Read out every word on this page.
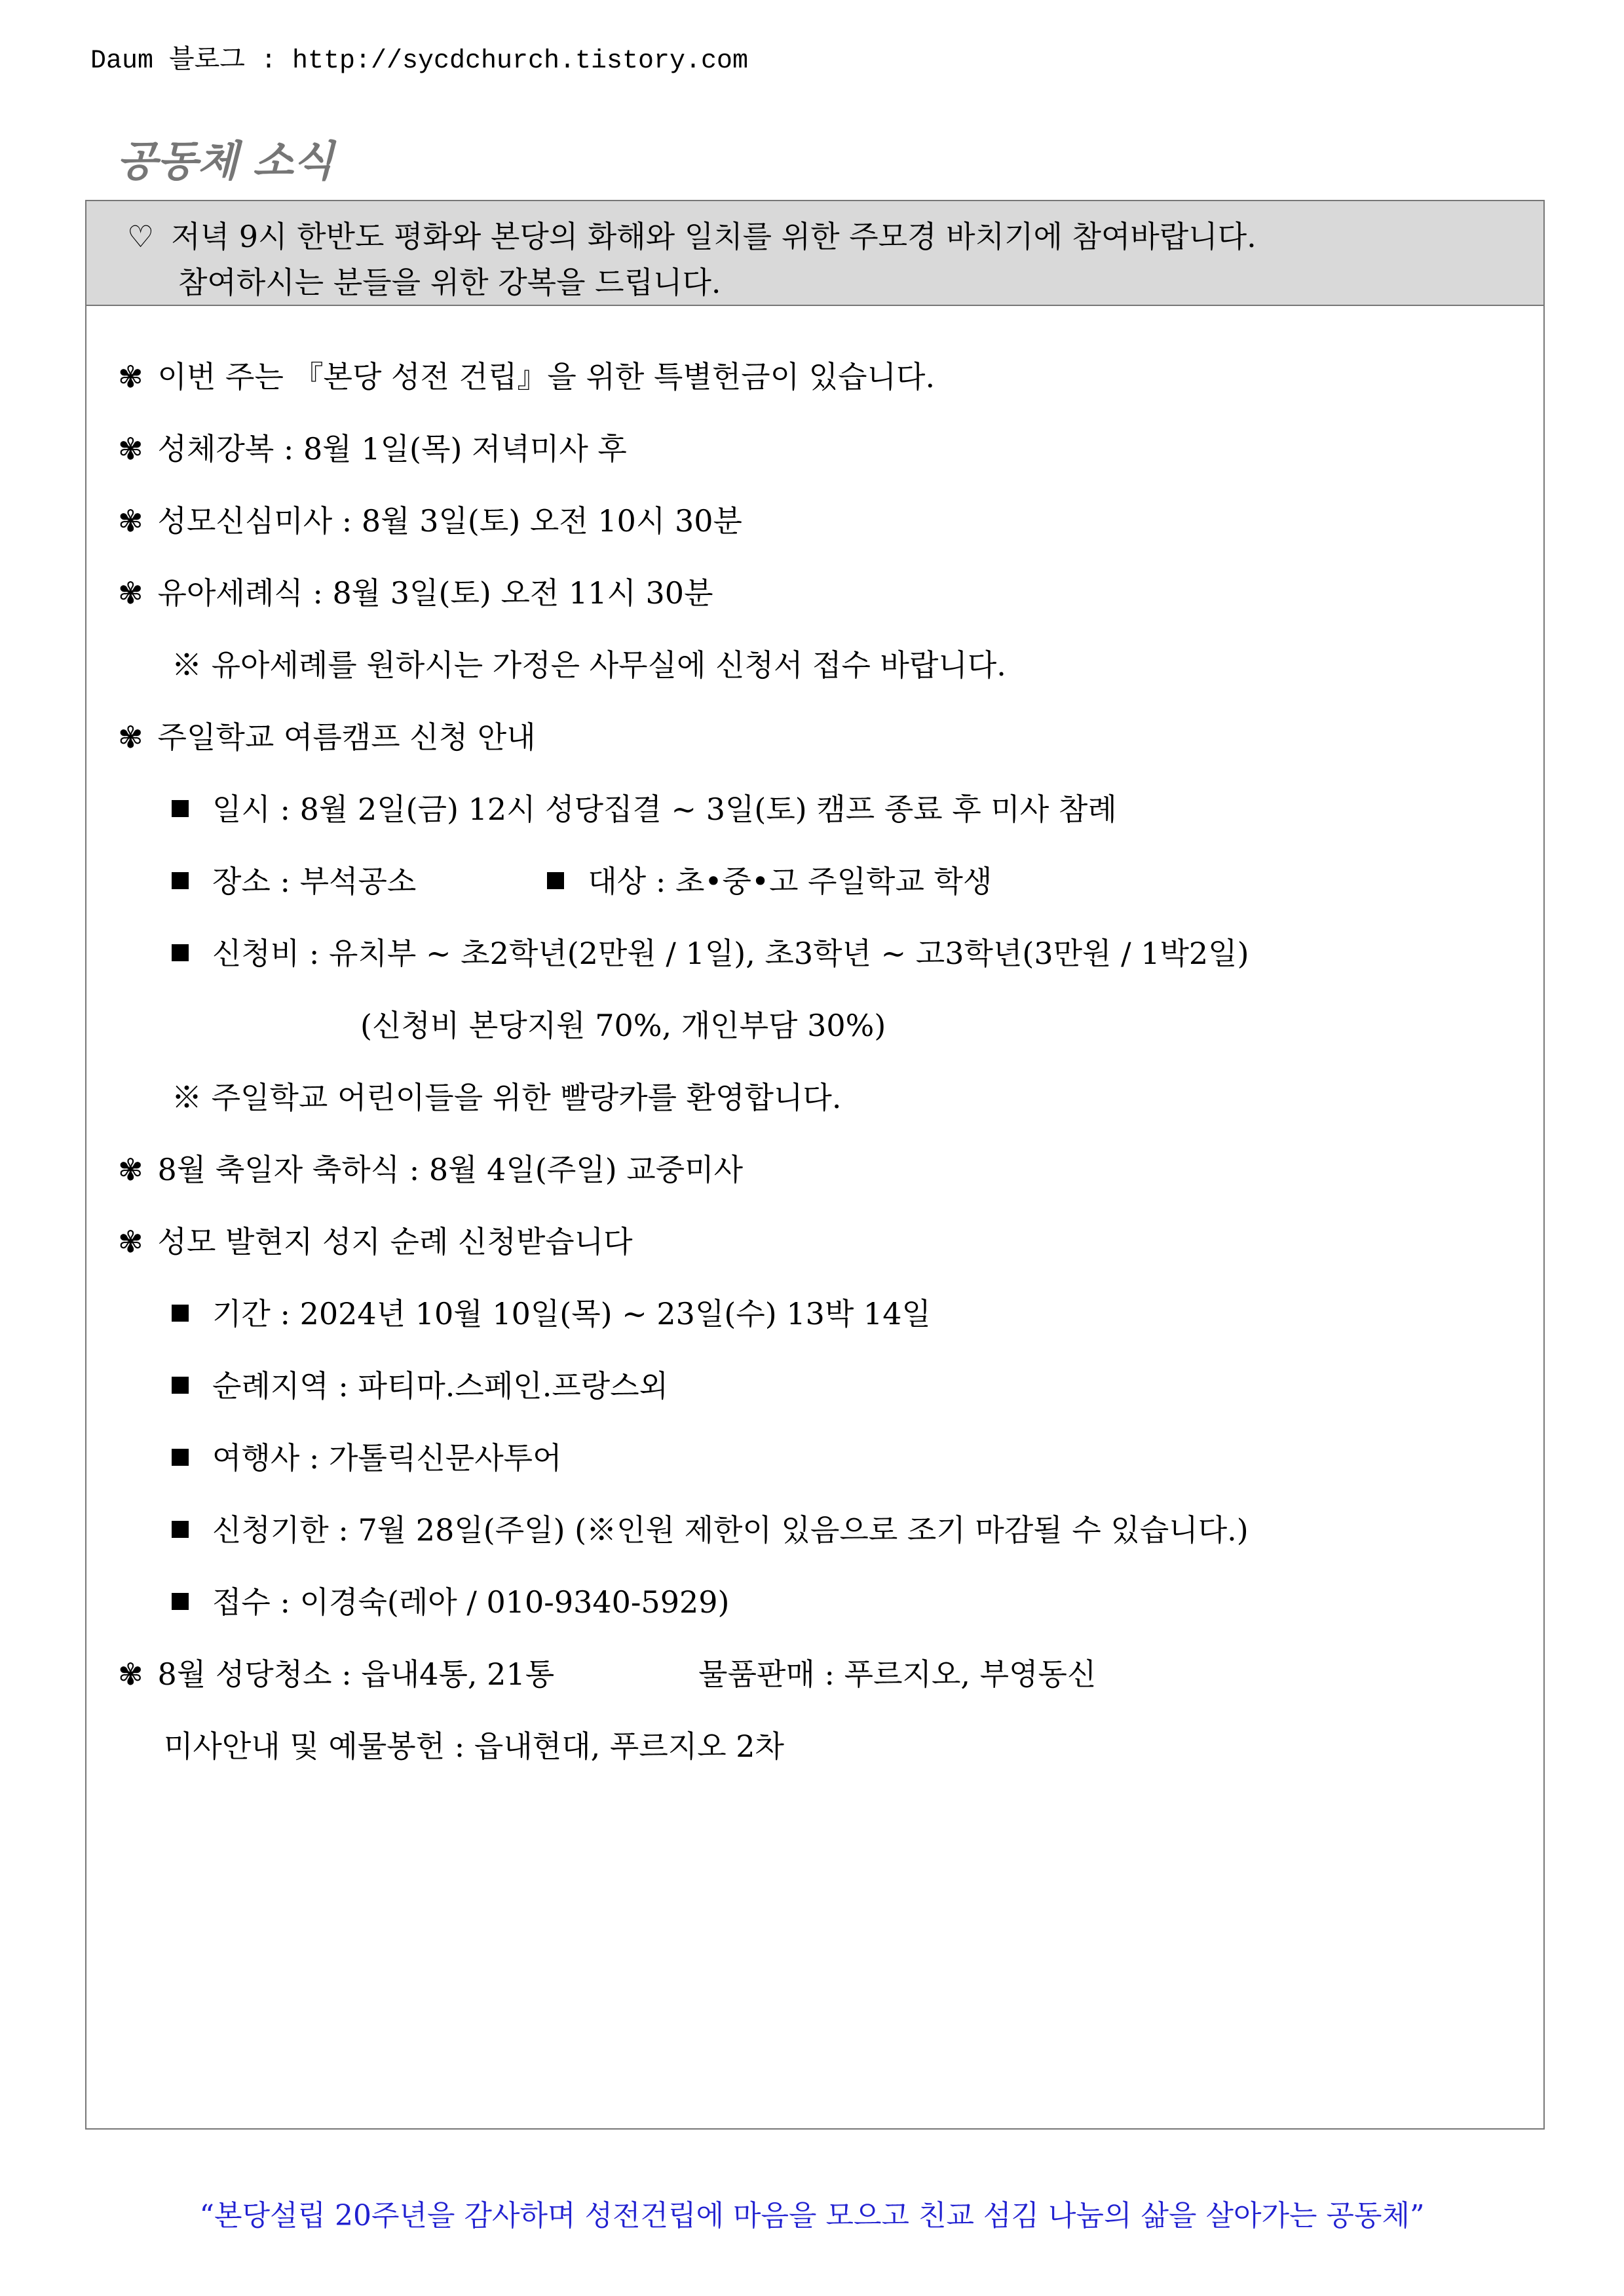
Daum 블로그 : http://sycdchurch.tistory.com
공동체 소식
♡ 저녁 9시 한반도 평화와 본당의 화해와 일치를 위한 주모경 바치기에 참여바랍니다.
참여하시는 분들을 위한 강복을 드립니다.
✾ 이번 주는 『본당 성전 건립』을 위한 특별헌금이 있습니다.
✾ 성체강복 : 8월 1일(목) 저녁미사 후
✾ 성모신심미사 : 8월 3일(토) 오전 10시 30분
✾ 유아세례식 : 8월 3일(토) 오전 11시 30분
※ 유아세례를 원하시는 가정은 사무실에 신청서 접수 바랍니다.
✾ 주일학교 여름캠프 신청 안내
일시 : 8월 2일(금) 12시 성당집결 ~ 3일(토) 캠프 종료 후 미사 참례
장소 : 부석공소	대상 : 초•중•고 주일학교 학생
신청비 : 유치부 ~ 초2학년(2만원 / 1일), 초3학년 ~ 고3학년(3만원 / 1박2일)
(신청비 본당지원 70%, 개인부담 30%)
※ 주일학교 어린이들을 위한 빨랑카를 환영합니다.
✾ 8월 축일자 축하식 : 8월 4일(주일) 교중미사
✾ 성모 발현지 성지 순례 신청받습니다
기간 : 2024년 10월 10일(목) ~ 23일(수) 13박 14일
순례지역 : 파티마.스페인.프랑스외
여행사 : 가톨릭신문사투어
신청기한 : 7월 28일(주일) (※인원 제한이 있음으로 조기 마감될 수 있습니다.)
접수 : 이경숙(레아 / 010-9340-5929)
✾ 8월 성당청소 : 읍내4통, 21통	물품판매 : 푸르지오, 부영동신
미사안내 및 예물봉헌 : 읍내현대, 푸르지오 2차
“본당설립 20주년을 감사하며 성전건립에 마음을 모으고 친교 섬김 나눔의 삶을 살아가는 공동체”
